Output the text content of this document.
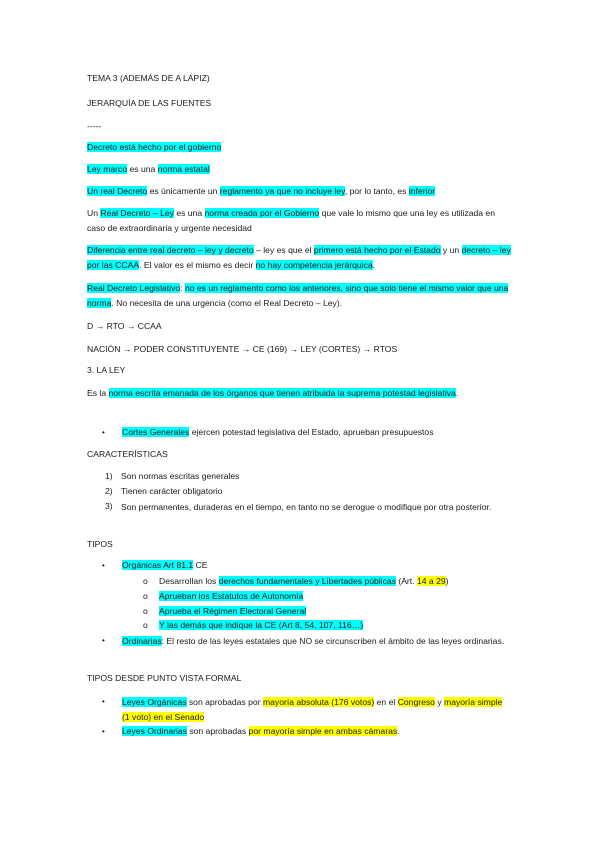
TEMA 3 (ADEMÁS DE A LÁPIZ)
JERARQUÍA DE LAS FUENTES
-----
Decreto está hecho por el gobierno
Ley marco es una norma estatal
Un real Decreto es únicamente un reglamento ya que no incluye ley, por lo tanto, es inferior
Un Real Decreto – Ley es una norma creada por el Gobierno que vale lo mismo que una ley es utilizada en caso de extraordinaria y urgente necesidad
Diferencia entre real decreto – ley y decreto – ley es que el primero está hecho por el Estado y un decreto – ley por las CCAA. El valor es el mismo es decir no hay competencia jerárquica.
Real Decreto Legislativo: no es un reglamento como los anteriores, sino que solo tiene el mismo valor que una norma. No necesita de una urgencia (como el Real Decreto – Ley).
D → RTO → CCAA
NACIÓN → PODER CONSTITUYENTE → CE (169) → LEY (CORTES) → RTOS
3. LA LEY
Es la norma escrita emanada de los órganos que tienen atribuida la suprema potestad legislativa.
• Cortes Generales ejercen potestad legislativa del Estado, aprueban presupuestos
CARACTERÍSTICAS
1) Son normas escritas generales
2) Tienen carácter obligatorio
3) Son permanentes, duraderas en el tiempo, en tanto no se derogue o modifique por otra posterior.
TIPOS
• Orgánicas Art 81.1 CE
o Desarrollan los derechos fundamentales y Libertades públicas (Art. 14 a 29)
o Aprueban los Estatutos de Autonomía
o Aprueba el Régimen Electoral General
o Y las demás que indique la CE (Art 8, 54, 107, 116…)
• Ordinarias: El resto de las leyes estatales que NO se circunscriben el ámbito de las leyes ordinarias.
TIPOS DESDE PUNTO VISTA FORMAL
• Leyes Orgánicas son aprobadas por mayoría absoluta (176 votos) en el Congreso y mayoría simple (1 voto) en el Senado
• Leyes Ordinarias son aprobadas por mayoría simple en ambas cámaras.
